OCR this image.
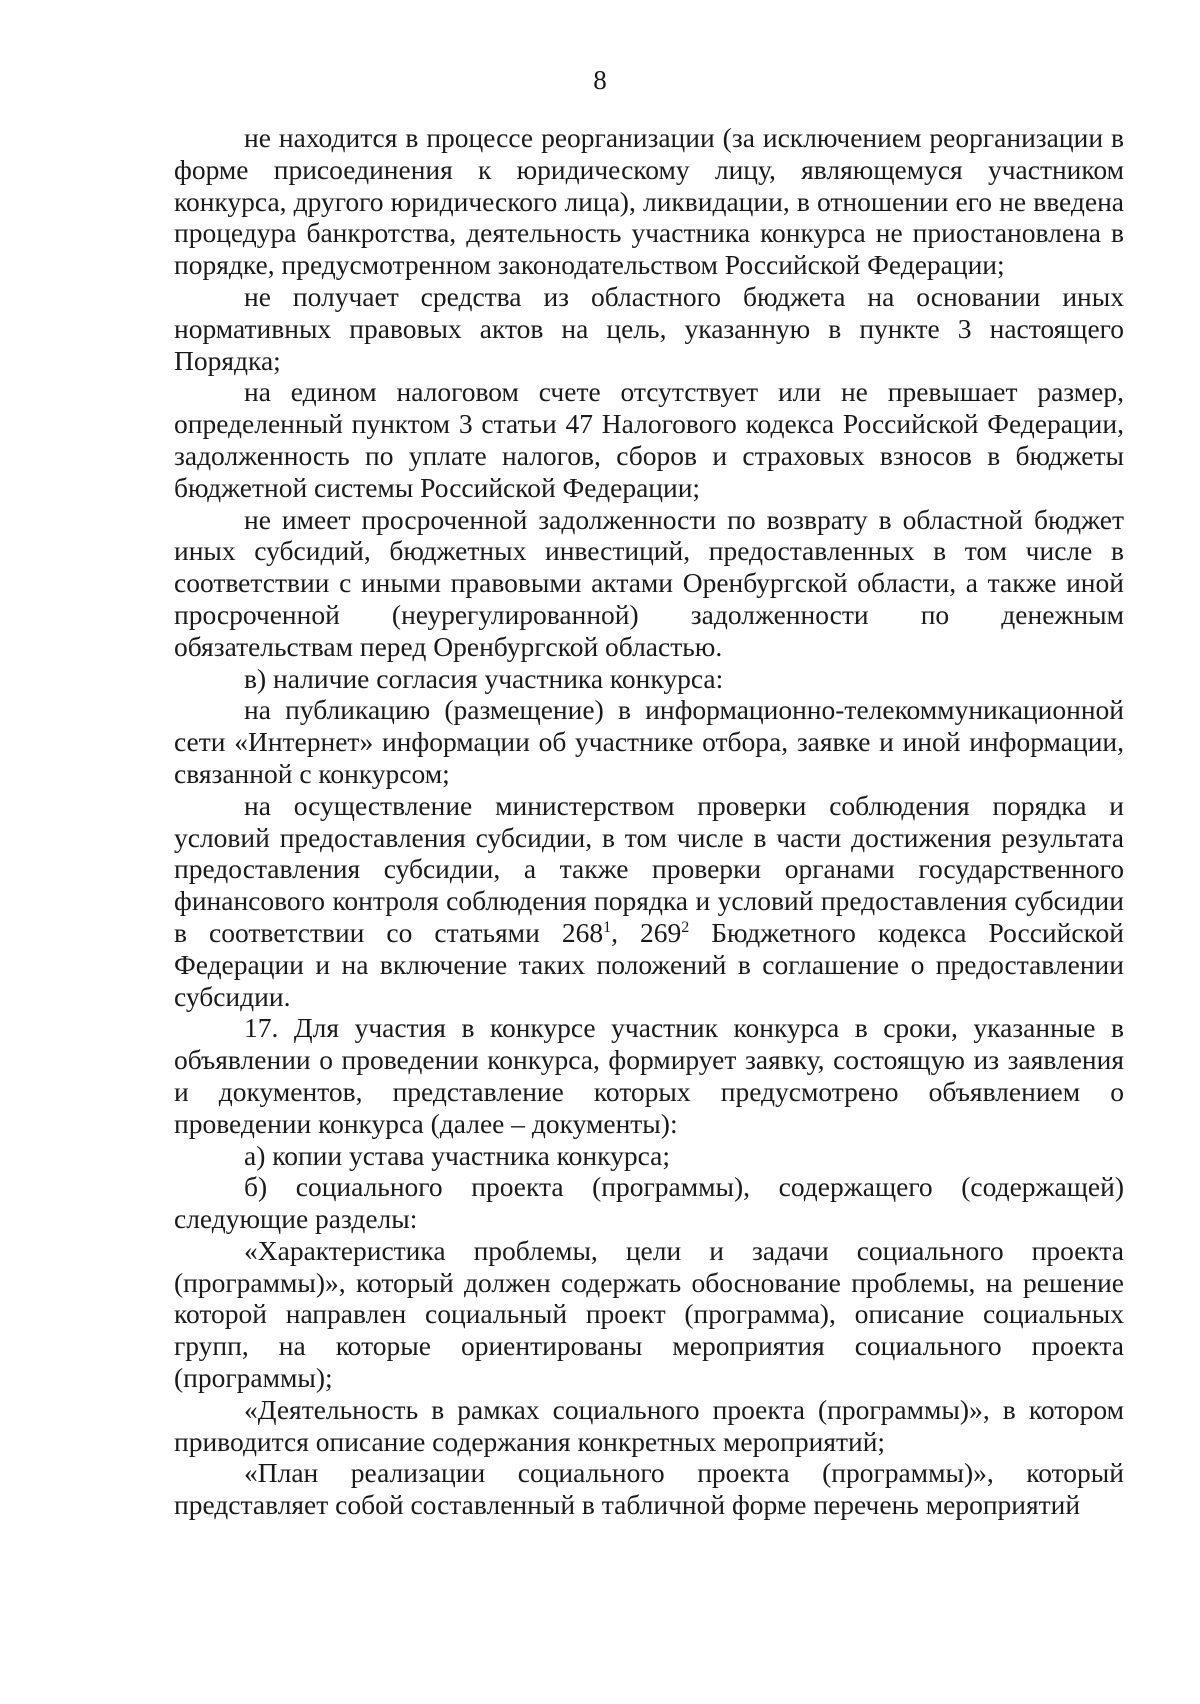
8

не находится в процессе реорганизации (за исключением реорганизации в форме присоединения к юридическому лицу, являющемуся участником конкурса, другого юридического лица), ликвидации, в отношении его не введена процедура банкротства, деятельность участника конкурса не приостановлена в порядке, предусмотренном законодательством Российской Федерации;

не получает средства из областного бюджета на основании иных нормативных правовых актов на цель, указанную в пункте 3 настоящего Порядка;

на едином налоговом счете отсутствует или не превышает размер, определенный пунктом 3 статьи 47 Налогового кодекса Российской Федерации, задолженность по уплате налогов, сборов и страховых взносов в бюджеты бюджетной системы Российской Федерации;

не имеет просроченной задолженности по возврату в областной бюджет иных субсидий, бюджетных инвестиций, предоставленных в том числе в соответствии с иными правовыми актами Оренбургской области, а также иной просроченной (неурегулированной) задолженности по денежным обязательствам перед Оренбургской областью.

в) наличие согласия участника конкурса:

на публикацию (размещение) в информационно-телекоммуникационной сети «Интернет» информации об участнике отбора, заявке и иной информации, связанной с конкурсом;

на осуществление министерством проверки соблюдения порядка и условий предоставления субсидии, в том числе в части достижения результата предоставления субсидии, а также проверки органами государственного финансового контроля соблюдения порядка и условий предоставления субсидии в соответствии со статьями $268^1$, $269^2$ Бюджетного кодекса Российской Федерации и на включение таких положений в соглашение о предоставлении субсидии.

17. Для участия в конкурсе участник конкурса в сроки, указанные в объявлении о проведении конкурса, формирует заявку, состоящую из заявления и документов, представление которых предусмотрено объявлением о проведении конкурса (далее – документы):

а) копии устава участника конкурса;

б) социального проекта (программы), содержащего (содержащей) следующие разделы:

«Характеристика проблемы, цели и задачи социального проекта (программы)», который должен содержать обоснование проблемы, на решение которой направлен социальный проект (программа), описание социальных групп, на которые ориентированы мероприятия социального проекта (программы);

«Деятельность в рамках социального проекта (программы)», в котором приводится описание содержания конкретных мероприятий;

«План реализации социального проекта (программы)», который представляет собой составленный в табличной форме перечень мероприятий
